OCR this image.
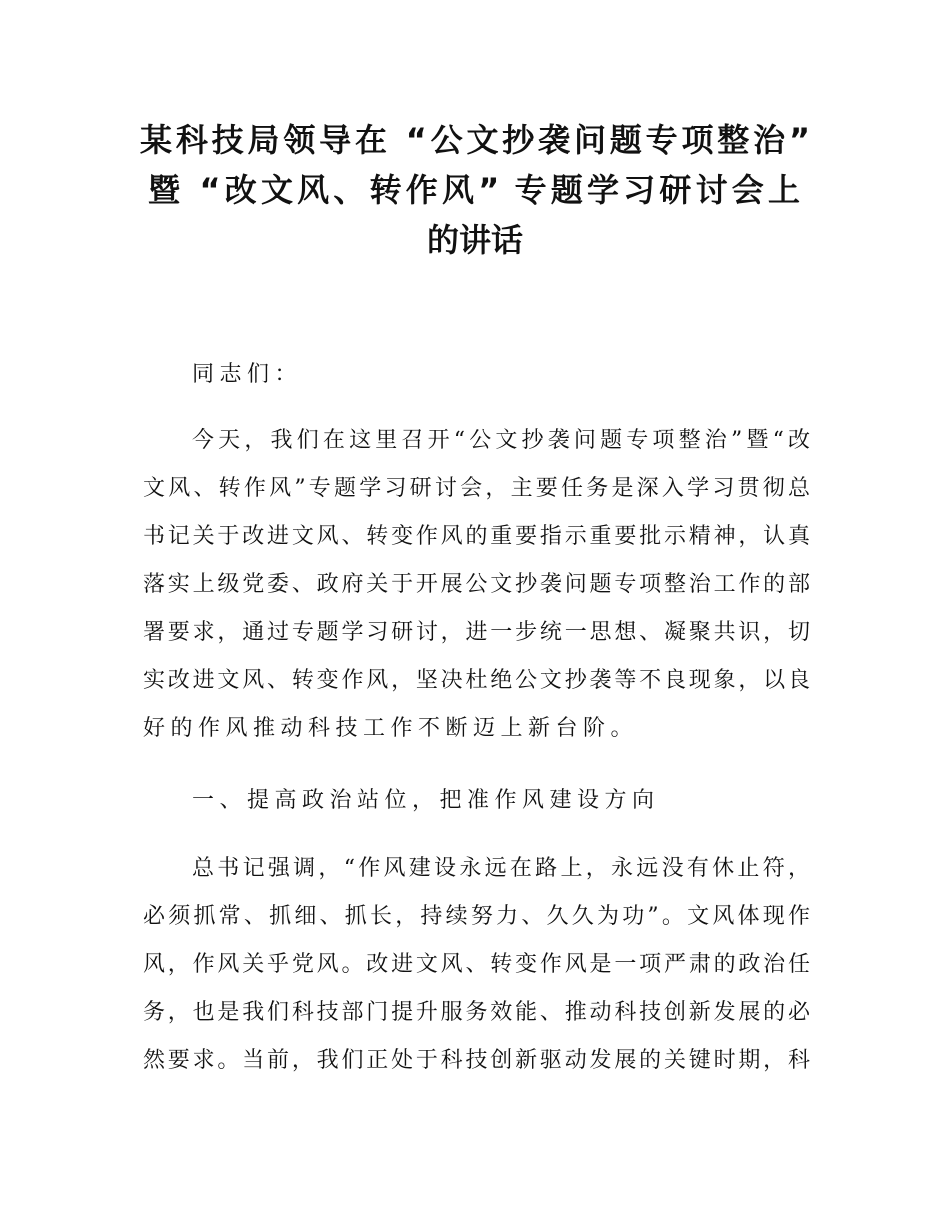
某科技局领导在 “公文抄袭问题专项整治”
暨 “改文风、转作风” 专题学习研讨会上
的讲话
同志们：
今天，我们在这里召开“公文抄袭问题专项整治”暨“改
文风、转作风”专题学习研讨会，主要任务是深入学习贯彻总
书记关于改进文风、转变作风的重要指示重要批示精神，认真
落实上级党委、政府关于开展公文抄袭问题专项整治工作的部
署要求，通过专题学习研讨，进一步统一思想、凝聚共识，切
实改进文风、转变作风，坚决杜绝公文抄袭等不良现象，以良
好的作风推动科技工作不断迈上新台阶。
一、提高政治站位，把准作风建设方向
总书记强调，“作风建设永远在路上，永远没有休止符，
必须抓常、抓细、抓长，持续努力、久久为功”。文风体现作
风，作风关乎党风。改进文风、转变作风是一项严肃的政治任
务，也是我们科技部门提升服务效能、推动科技创新发展的必
然要求。当前，我们正处于科技创新驱动发展的关键时期，科
